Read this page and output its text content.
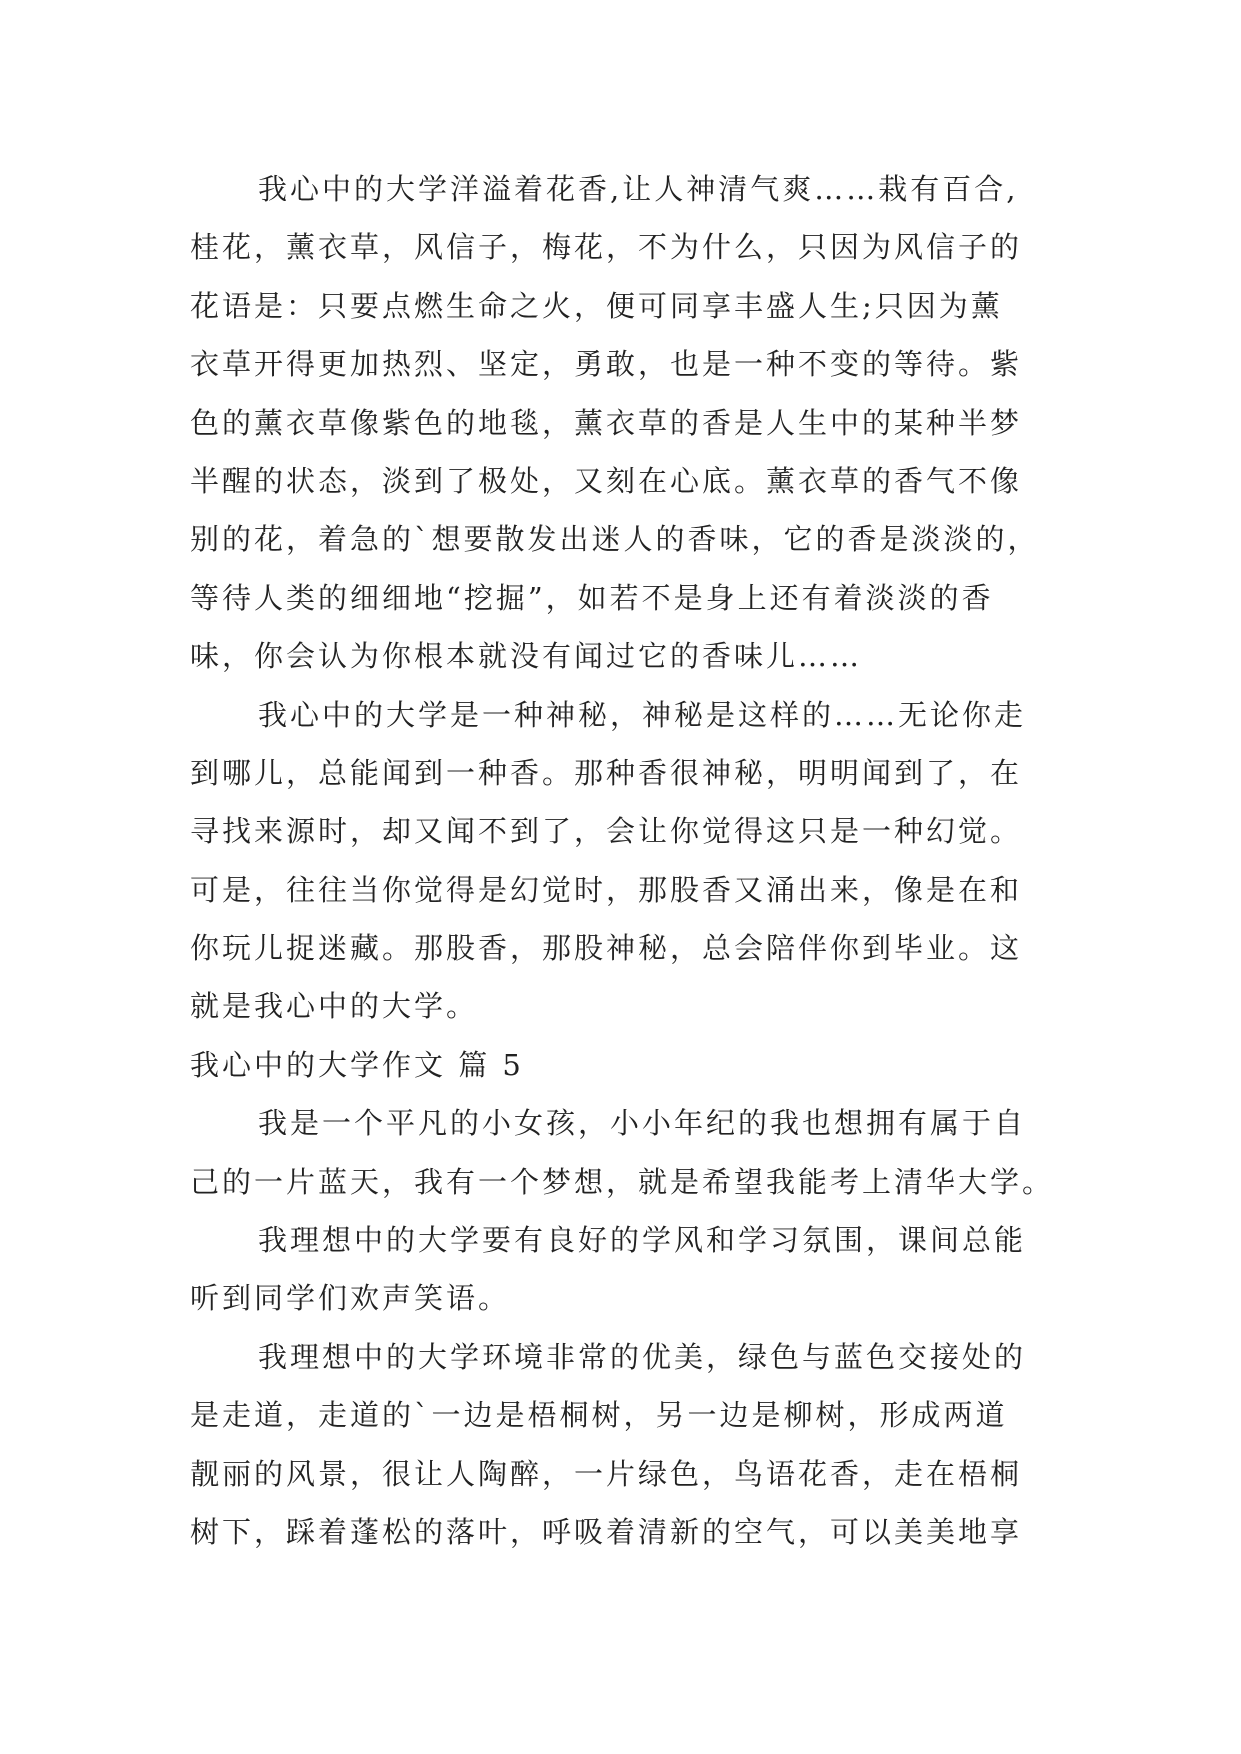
我心中的大学洋溢着花香,让人神清气爽……栽有百合,
桂花，薰衣草，风信子，梅花，不为什么，只因为风信子的
花语是：只要点燃生命之火，便可同享丰盛人生;只因为薰
衣草开得更加热烈、坚定，勇敢，也是一种不变的等待。紫
色的薰衣草像紫色的地毯，薰衣草的香是人生中的某种半梦
半醒的状态，淡到了极处，又刻在心底。薰衣草的香气不像
别的花，着急的`想要散发出迷人的香味，它的香是淡淡的，
等待人类的细细地“挖掘”，如若不是身上还有着淡淡的香
味，你会认为你根本就没有闻过它的香味儿……
我心中的大学是一种神秘，神秘是这样的……无论你走
到哪儿，总能闻到一种香。那种香很神秘，明明闻到了，在
寻找来源时，却又闻不到了，会让你觉得这只是一种幻觉。
可是，往往当你觉得是幻觉时，那股香又涌出来，像是在和
你玩儿捉迷藏。那股香，那股神秘，总会陪伴你到毕业。这
就是我心中的大学。
我心中的大学作文 篇 5
我是一个平凡的小女孩，小小年纪的我也想拥有属于自
己的一片蓝天，我有一个梦想，就是希望我能考上清华大学。
我理想中的大学要有良好的学风和学习氛围，课间总能
听到同学们欢声笑语。
我理想中的大学环境非常的优美，绿色与蓝色交接处的
是走道，走道的`一边是梧桐树，另一边是柳树，形成两道
靓丽的风景，很让人陶醉，一片绿色，鸟语花香，走在梧桐
树下，踩着蓬松的落叶，呼吸着清新的空气，可以美美地享
